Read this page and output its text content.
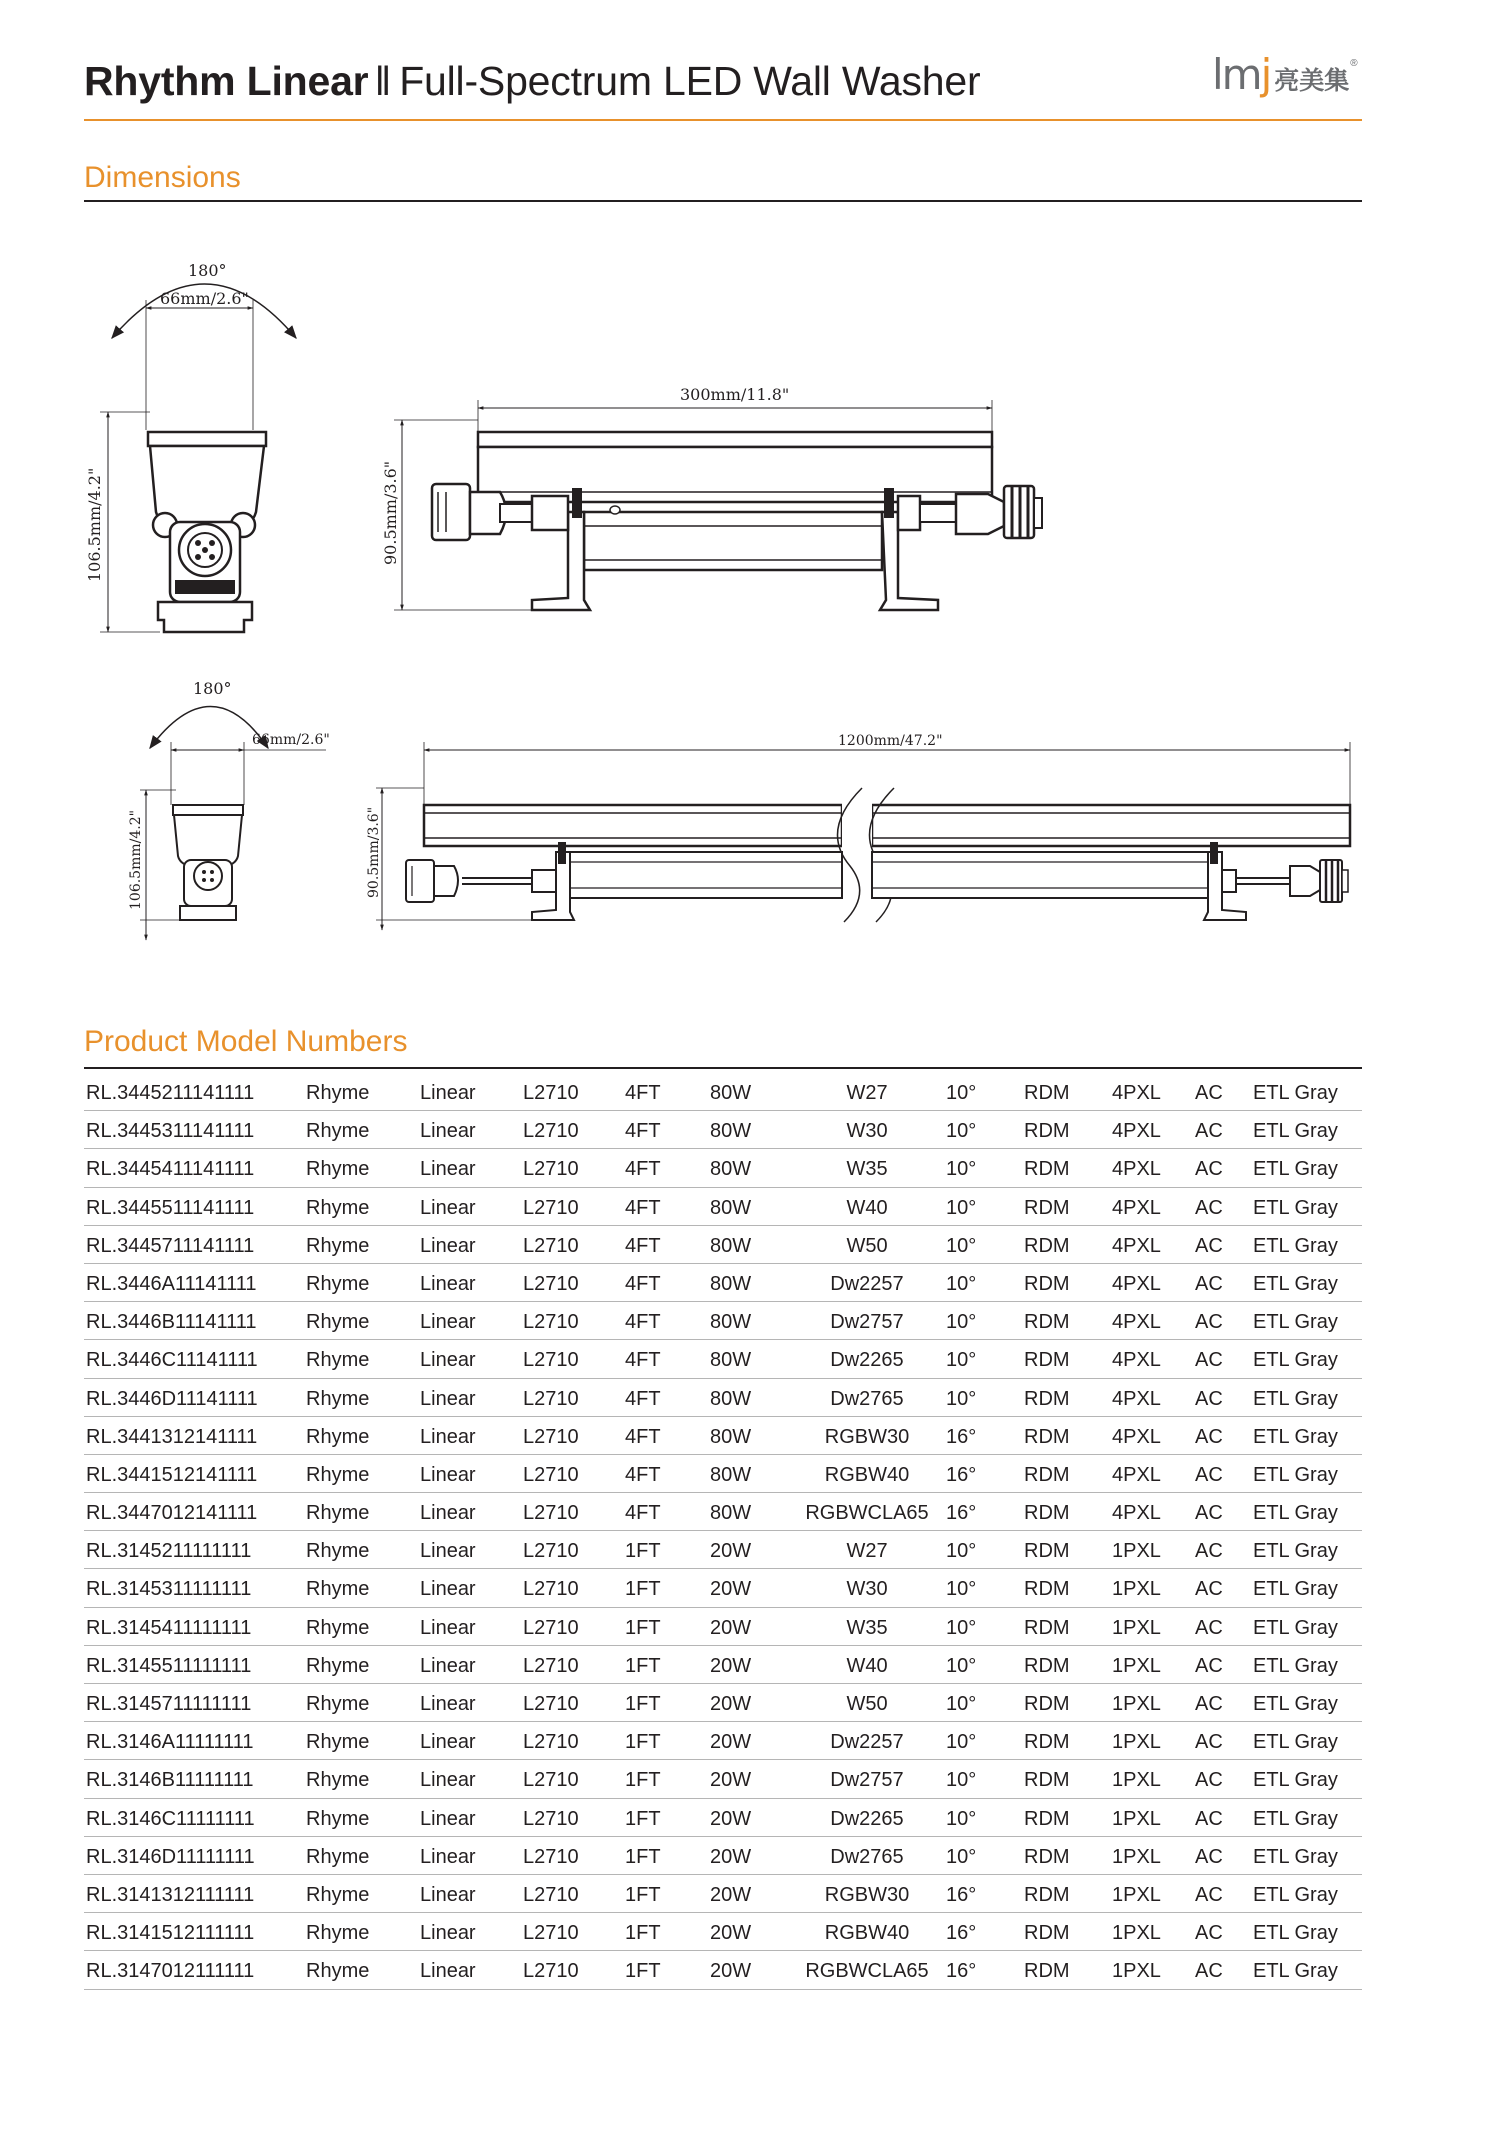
Rhythm Linear ‖ Full-Spectrum LED Wall Washer	lmj 亮美集
®
Dimensions
180°
66mm/2.6"
106.5mm/4.2"
300mm/11.8"
90.5mm/3.6"
180°
66mm/2.6"
106.5mm/4.2"
1200mm/47.2"
90.5mm/3.6"
Product Model Numbers
RL.3445211141111	Rhyme	Linear L2710 4FT 80W	W27	10° RDM 4PXL AC ETL Gray
RL.3445311141111	Rhyme	Linear L2710 4FT 80W	W30	10° RDM 4PXL AC ETL Gray
RL.3445411141111	Rhyme	Linear L2710 4FT 80W	W35	10° RDM 4PXL AC ETL Gray
RL.3445511141111	Rhyme	Linear L2710 4FT 80W	W40	10° RDM 4PXL AC ETL Gray
RL.3445711141111	Rhyme	Linear L2710 4FT 80W	W50	10° RDM 4PXL AC ETL Gray
RL.3446A11141111 Rhyme	Linear L2710 4FT 80W	Dw2257	10° RDM 4PXL AC ETL Gray
RL.3446B11141111 Rhyme	Linear L2710 4FT 80W	Dw2757	10° RDM 4PXL AC ETL Gray
RL.3446C11141111 Rhyme	Linear L2710 4FT 80W	Dw2265	10° RDM 4PXL AC ETL Gray
RL.3446D11141111 Rhyme	Linear L2710 4FT 80W	Dw2765	10° RDM 4PXL AC ETL Gray
RL.3441312141111 Rhyme	Linear L2710 4FT 80W	RGBW30	16° RDM 4PXL AC ETL Gray
RL.3441512141111 Rhyme	Linear L2710 4FT 80W	RGBW40	16° RDM 4PXL AC ETL Gray
RL.3447012141111 Rhyme	Linear L2710 4FT 80W	RGBWCLA65 16° RDM 4PXL AC ETL Gray
RL.3145211111111	Rhyme	Linear L2710 1FT 20W	W27	10° RDM 1PXL AC ETL Gray
RL.3145311111111	Rhyme	Linear L2710 1FT 20W	W30	10° RDM 1PXL AC ETL Gray
RL.3145411111111	Rhyme	Linear L2710 1FT 20W	W35	10° RDM 1PXL AC ETL Gray
RL.3145511111111	Rhyme	Linear L2710 1FT 20W	W40	10° RDM 1PXL AC ETL Gray
RL.3145711111111	Rhyme	Linear L2710 1FT 20W	W50	10° RDM 1PXL AC ETL Gray
RL.3146A11111111	Rhyme	Linear L2710 1FT 20W	Dw2257	10° RDM 1PXL AC ETL Gray
RL.3146B11111111	Rhyme	Linear L2710 1FT 20W	Dw2757	10° RDM 1PXL AC ETL Gray
RL.3146C11111111	Rhyme	Linear L2710 1FT 20W	Dw2265	10° RDM 1PXL AC ETL Gray
RL.3146D11111111	Rhyme	Linear L2710 1FT 20W	Dw2765	10° RDM 1PXL AC ETL Gray
RL.3141312111111	Rhyme	Linear L2710 1FT 20W	RGBW30	16° RDM 1PXL AC ETL Gray
RL.3141512111111	Rhyme	Linear L2710 1FT 20W	RGBW40	16° RDM 1PXL AC ETL Gray
RL.3147012111111	Rhyme	Linear L2710 1FT 20W	RGBWCLA65 16° RDM 1PXL AC ETL Gray
